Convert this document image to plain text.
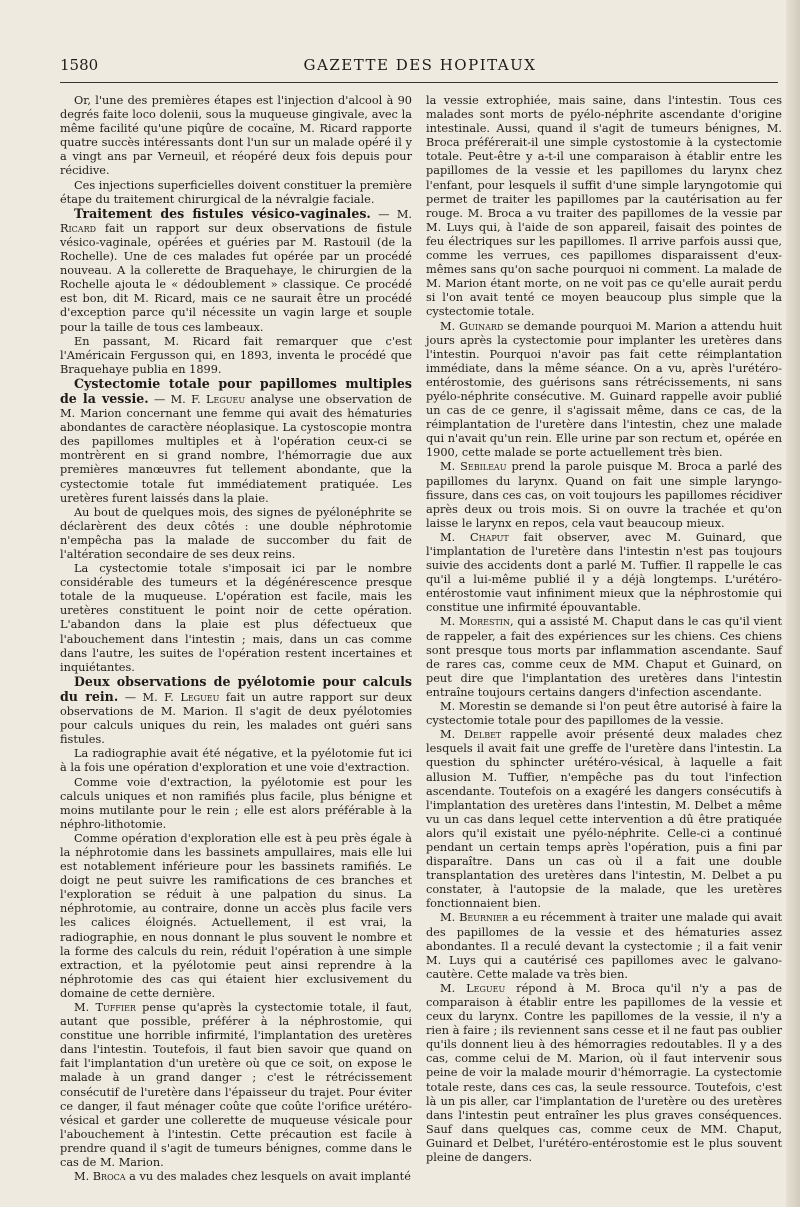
1580	GAZETTE DES HOPITAUX

Or, l'une des premières étapes est l'injection d'alcool à 90 degrés faite loco dolenii, sous la muqueuse gingivale, avec la même facilité qu'une piqûre de cocaïne, M. Ricard rapporte quatre succès intéressants dont l'un sur un malade opéré il y a vingt ans par Verneuil, et réopéré deux fois depuis pour récidive.

Ces injections superficielles doivent constituer la première étape du traitement chirurgical de la névralgie faciale.

Traitement des fistules vésico-vaginales. — M. Ricard fait un rapport sur deux observations de fistule vésico-vaginale, opérées et guéries par M. Rastouil (de la Rochelle). Une de ces malades fut opérée par un procédé nouveau. A la collerette de Braquehaye, le chirurgien de la Rochelle ajouta le « dédoublement » classique. Ce procédé est bon, dit M. Ricard, mais ce ne saurait être un procédé d'exception parce qu'il nécessite un vagin large et souple pour la taille de tous ces lambeaux.

En passant, M. Ricard fait remarquer que c'est l'Américain Fergusson qui, en 1893, inventa le procédé que Braquehaye publia en 1899.

Cystectomie totale pour papillomes multiples de la vessie. — M. F. Legueu analyse une observation de M. Marion concernant une femme qui avait des hématuries abondantes de caractère néoplasique. La cystoscopie montra des papillomes multiples et à l'opération ceux-ci se montrèrent en si grand nombre, l'hémorragie due aux premières manœuvres fut tellement abondante, que la cystectomie totale fut immédiatement pratiquée. Les uretères furent laissés dans la plaie.

Au bout de quelques mois, des signes de pyélonéphrite se déclarèrent des deux côtés : une double néphrotomie n'empêcha pas la malade de succomber du fait de l'altération secondaire de ses deux reins.

La cystectomie totale s'imposait ici par le nombre considérable des tumeurs et la dégénérescence presque totale de la muqueuse. L'opération est facile, mais les uretères constituent le point noir de cette opération. L'abandon dans la plaie est plus défectueux que l'abouchement dans l'intestin ; mais, dans un cas comme dans l'autre, les suites de l'opération restent incertaines et inquiétantes.

Deux observations de pyélotomie pour calculs du rein. — M. F. Legueu fait un autre rapport sur deux observations de M. Marion. Il s'agit de deux pyélotomies pour calculs uniques du rein, les malades ont guéri sans fistules.

La radiographie avait été négative, et la pyélotomie fut ici à la fois une opération d'exploration et une voie d'extraction.

Comme voie d'extraction, la pyélotomie est pour les calculs uniques et non ramifiés plus facile, plus bénigne et moins mutilante pour le rein ; elle est alors préférable à la néphro-lithotomie.

Comme opération d'exploration elle est à peu près égale à la néphrotomie dans les bassinets ampullaires, mais elle lui est notablement inférieure pour les bassinets ramifiés. Le doigt ne peut suivre les ramifications de ces branches et l'exploration se réduit à une palpation du sinus. La néphrotomie, au contraire, donne un accès plus facile vers les calices éloignés. Actuellement, il est vrai, la radiographie, en nous donnant le plus souvent le nombre et la forme des calculs du rein, réduit l'opération à une simple extraction, et la pyélotomie peut ainsi reprendre à la néphrotomie des cas qui étaient hier exclusivement du domaine de cette dernière.

M. Tuffier pense qu'après la cystectomie totale, il faut, autant que possible, préférer à la néphrostomie, qui constitue une horrible infirmité, l'implantation des uretères dans l'intestin. Toutefois, il faut bien savoir que quand on fait l'implantation d'un uretère où que ce soit, on expose le malade à un grand danger ; c'est le rétrécissement consécutif de l'uretère dans l'épaisseur du trajet. Pour éviter ce danger, il faut ménager coûte que coûte l'orifice urétéro-vésical et garder une collerette de muqueuse vésicale pour l'abouchement à l'intestin. Cette précaution est facile à prendre quand il s'agit de tumeurs bénignes, comme dans le cas de M. Marion.

M. Broca a vu des malades chez lesquels on avait implanté

la vessie extrophiée, mais saine, dans l'intestin. Tous ces malades sont morts de pyélo-néphrite ascendante d'origine intestinale. Aussi, quand il s'agit de tumeurs bénignes, M. Broca préférerait-il une simple cystostomie à la cystectomie totale. Peut-être y a-t-il une comparaison à établir entre les papillomes de la vessie et les papillomes du larynx chez l'enfant, pour lesquels il suffit d'une simple laryngotomie qui permet de traiter les papillomes par la cautérisation au fer rouge. M. Broca a vu traiter des papillomes de la vessie par M. Luys qui, à l'aide de son appareil, faisait des pointes de feu électriques sur les papillomes. Il arrive parfois aussi que, comme les verrues, ces papillomes disparaissent d'eux-mêmes sans qu'on sache pourquoi ni comment. La malade de M. Marion étant morte, on ne voit pas ce qu'elle aurait perdu si l'on avait tenté ce moyen beaucoup plus simple que la cystectomie totale.

M. Guinard se demande pourquoi M. Marion a attendu huit jours après la cystectomie pour implanter les uretères dans l'intestin. Pourquoi n'avoir pas fait cette réimplantation immédiate, dans la même séance. On a vu, après l'urétéro-entérostomie, des guérisons sans rétrécissements, ni sans pyélo-néphrite consécutive. M. Guinard rappelle avoir publié un cas de ce genre, il s'agissait même, dans ce cas, de la réimplantation de l'uretère dans l'intestin, chez une malade qui n'avait qu'un rein. Elle urine par son rectum et, opérée en 1900, cette malade se porte actuellement très bien.

M. Sebileau prend la parole puisque M. Broca a parlé des papillomes du larynx. Quand on fait une simple laryngo-fissure, dans ces cas, on voit toujours les papillomes récidiver après deux ou trois mois. Si on ouvre la trachée et qu'on laisse le larynx en repos, cela vaut beaucoup mieux.

M. Chaput fait observer, avec M. Guinard, que l'implantation de l'uretère dans l'intestin n'est pas toujours suivie des accidents dont a parlé M. Tuffier. Il rappelle le cas qu'il a lui-même publié il y a déjà longtemps. L'urétéro-entérostomie vaut infiniment mieux que la néphrostomie qui constitue une infirmité épouvantable.

M. Morestin, qui a assisté M. Chaput dans le cas qu'il vient de rappeler, a fait des expériences sur les chiens. Ces chiens sont presque tous morts par inflammation ascendante. Sauf de rares cas, comme ceux de MM. Chaput et Guinard, on peut dire que l'implantation des uretères dans l'intestin entraîne toujours certains dangers d'infection ascendante.

M. Morestin se demande si l'on peut être autorisé à faire la cystectomie totale pour des papillomes de la vessie.

M. Delbet rappelle avoir présenté deux malades chez lesquels il avait fait une greffe de l'uretère dans l'intestin. La question du sphincter urétéro-vésical, à laquelle a fait allusion M. Tuffier, n'empêche pas du tout l'infection ascendante. Toutefois on a exagéré les dangers consécutifs à l'implantation des uretères dans l'intestin, M. Delbet a même vu un cas dans lequel cette intervention a dû être pratiquée alors qu'il existait une pyélo-néphrite. Celle-ci a continué pendant un certain temps après l'opération, puis a fini par disparaître. Dans un cas où il a fait une double transplantation des uretères dans l'intestin, M. Delbet a pu constater, à l'autopsie de la malade, que les uretères fonctionnaient bien.

M. Beurnier a eu récemment à traiter une malade qui avait des papillomes de la vessie et des hématuries assez abondantes. Il a reculé devant la cystectomie ; il a fait venir M. Luys qui a cautérisé ces papillomes avec le galvano-cautère. Cette malade va très bien.

M. Legueu répond à M. Broca qu'il n'y a pas de comparaison à établir entre les papillomes de la vessie et ceux du larynx. Contre les papillomes de la vessie, il n'y a rien à faire ; ils reviennent sans cesse et il ne faut pas oublier qu'ils donnent lieu à des hémorragies redoutables. Il y a des cas, comme celui de M. Marion, où il faut intervenir sous peine de voir la malade mourir d'hémorragie. La cystectomie totale reste, dans ces cas, la seule ressource. Toutefois, c'est là un pis aller, car l'implantation de l'uretère ou des uretères dans l'intestin peut entraîner les plus graves conséquences. Sauf dans quelques cas, comme ceux de MM. Chaput, Guinard et Delbet, l'urétéro-entérostomie est le plus souvent pleine de dangers.
